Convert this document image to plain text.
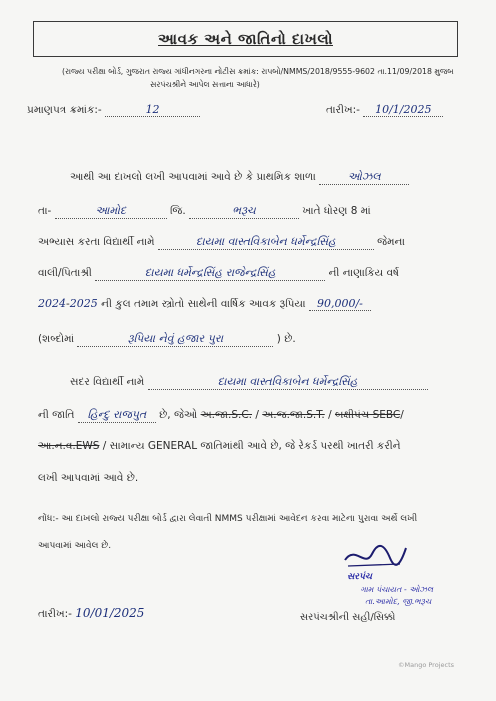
આવક અને જાતિનો દાખલો
(રાજ્ય પરીક્ષા બોર્ડ, ગુજરાત રાજ્ય ગાંધીનગરના નોટીસ ક્રમાંક: રાપબો/NMMS/2018/9555-9602 તા.11/09/2018 મુજબ
સરપંચશ્રીને આપેલ સત્તાના આધારે)
પ્રમાણપત્ર ક્રમાંક:-	12	તારીખ:- 10/1/2025
આથી આ દાખલો લખી આપવામાં આવે છે કે પ્રાથમિક શાળા	ઓઝલ
તા-	આમોદ	જિ.	ભરૂચ	ખાતે ધોરણ 8 માં
અભ્યાસ કરતા વિદ્યાર્થી નામે	દાયમા વાસ્તવિકાબેન ધર્મેન્દ્રસિંહ	જેમના
વાલી/પિતાશ્રી	દાયમા ધર્મેન્દ્રસિંહ રાજેન્દ્રસિંહ	ની નાણાકિય વર્ષ
2024-2025 ની કુલ તમામ સ્ત્રોતો સાથેની વાર્ષિક આવક રૂપિયા 90,000/-
(શબ્દોમાં	રૂપિયા નેવું હજાર પુરા	) છે.
સદર વિદ્યાર્થી નામે	દાયમા વાસ્તવિકાબેન ધર્મેન્દ્રસિંહ
ની જાતિ હિન્દુ રાજપુત છે, જેઓ અ.જા.S.C. / અ.જ.જા.S.T. / બક્ષીપંચ SEBC/
આ.ન.વ.EWS / સામાન્ય GENERAL જાતિમાંથી આવે છે, જે રેકર્ડ પરથી ખાતરી કરીને
લખી આપવામાં આવે છે.
નોંધ:- આ દાખલો રાજ્ય પરીક્ષા બોર્ડ દ્વારા લેવાતી NMMS પરીક્ષામાં આવેદન કરવા માટેના પુરાવા અર્થે લખી
આપવામાં આવેલ છે.
સરપંચ
ગામ પંચાયત - ઓઝલ
તા.આમોદ, જી.ભરૂચ
સરપંચશ્રીની સહી/સિક્કો
તારીખ:- 10/01/2025
©Mango Projects
